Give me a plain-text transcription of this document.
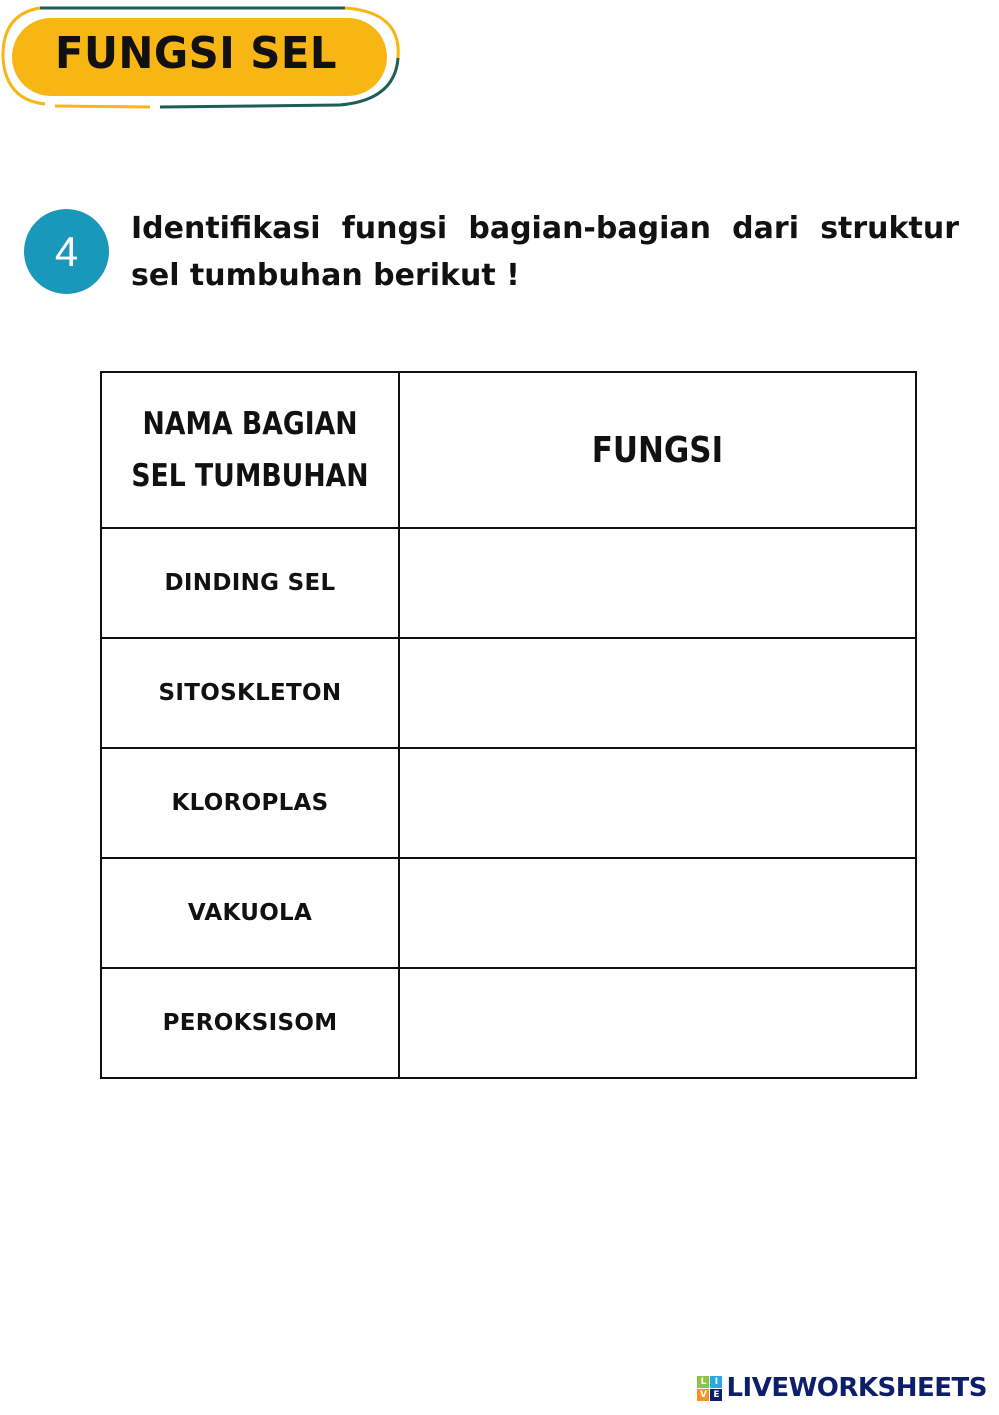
FUNGSI SEL
4	Identifikasi fungsi bagian-bagian dari struktur sel tumbuhan berikut !
NAMA BAGIAN
SEL TUMBUHAN	FUNGSI
DINDING SEL	
SITOSKLETON	
KLOROPLAS	
VAKUOLA	
PEROKSISOM	
L I
V E LIVEWORKSHEETS
